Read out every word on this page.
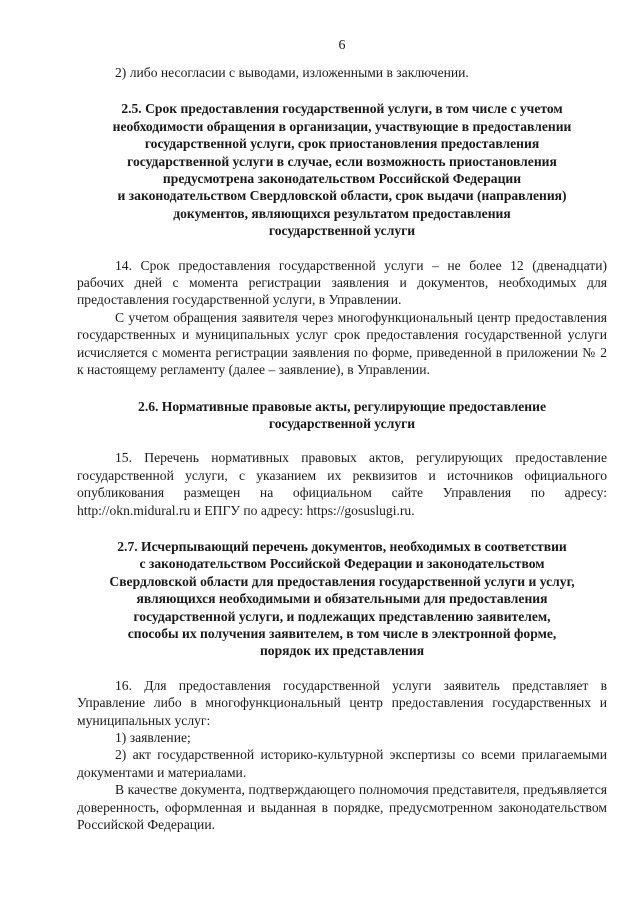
6

2) либо несогласии с выводами, изложенными в заключении.

2.5. Срок предоставления государственной услуги, в том числе с учетом
необходимости обращения в организации, участвующие в предоставлении
государственной услуги, срок приостановления предоставления
государственной услуги в случае, если возможность приостановления
предусмотрена законодательством Российской Федерации
и законодательством Свердловской области, срок выдачи (направления)
документов, являющихся результатом предоставления
государственной услуги

14. Срок предоставления государственной услуги – не более 12 (двенадцати) рабочих дней с момента регистрации заявления и документов, необходимых для предоставления государственной услуги, в Управлении.

С учетом обращения заявителя через многофункциональный центр предоставления государственных и муниципальных услуг срок предоставления государственной услуги исчисляется с момента регистрации заявления по форме, приведенной в приложении № 2 к настоящему регламенту (далее – заявление), в Управлении.

2.6. Нормативные правовые акты, регулирующие предоставление
государственной услуги

15. Перечень нормативных правовых актов, регулирующих предоставление государственной услуги, с указанием их реквизитов и источников официального опубликования размещен на официальном сайте Управления по адресу: http://okn.midural.ru и ЕПГУ по адресу: https://gosuslugi.ru.

2.7. Исчерпывающий перечень документов, необходимых в соответствии
с законодательством Российской Федерации и законодательством
Свердловской области для предоставления государственной услуги и услуг,
являющихся необходимыми и обязательными для предоставления
государственной услуги, и подлежащих представлению заявителем,
способы их получения заявителем, в том числе в электронной форме,
порядок их представления

16. Для предоставления государственной услуги заявитель представляет в Управление либо в многофункциональный центр предоставления государственных и муниципальных услуг:

1) заявление;

2) акт государственной историко-культурной экспертизы со всеми прилагаемыми документами и материалами.

В качестве документа, подтверждающего полномочия представителя, предъявляется доверенность, оформленная и выданная в порядке, предусмотренном законодательством Российской Федерации.
